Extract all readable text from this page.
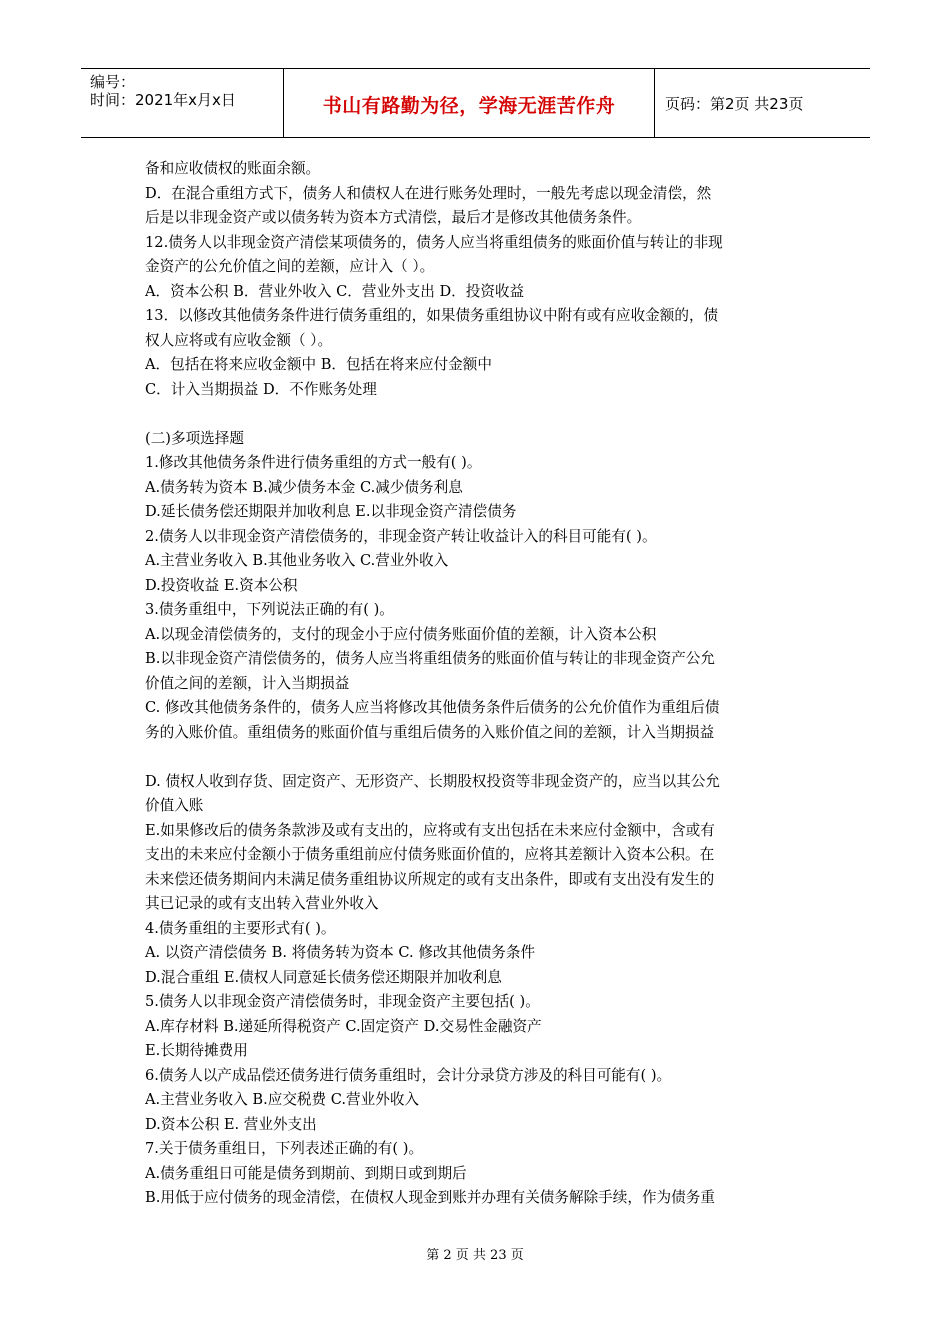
编号：
时间：2021年x月x日	书山有路勤为径，学海无涯苦作舟	页码：第2页 共23页
备和应收债权的账面余额。
D．在混合重组方式下，债务人和债权人在进行账务处理时，一般先考虑以现金清偿，然
后是以非现金资产或以债务转为资本方式清偿，最后才是修改其他债务条件。
12.债务人以非现金资产清偿某项债务的，债务人应当将重组债务的账面价值与转让的非现
金资产的公允价值之间的差额，应计入（ ）。
A．资本公积 B．营业外收入 C．营业外支出 D．投资收益
13．以修改其他债务条件进行债务重组的，如果债务重组协议中附有或有应收金额的，债
权人应将或有应收金额（ ）。
A．包括在将来应收金额中 B．包括在将来应付金额中
C．计入当期损益 D．不作账务处理
(二)多项选择题
1.修改其他债务条件进行债务重组的方式一般有( )。
A.债务转为资本 B.减少债务本金 C.减少债务利息
D.延长债务偿还期限并加收利息 E.以非现金资产清偿债务
2.债务人以非现金资产清偿债务的，非现金资产转让收益计入的科目可能有( )。
A.主营业务收入 B.其他业务收入 C.营业外收入
D.投资收益 E.资本公积
3.债务重组中，下列说法正确的有( )。
A.以现金清偿债务的，支付的现金小于应付债务账面价值的差额，计入资本公积
B.以非现金资产清偿债务的，债务人应当将重组债务的账面价值与转让的非现金资产公允
价值之间的差额，计入当期损益
C. 修改其他债务条件的，债务人应当将修改其他债务条件后债务的公允价值作为重组后债
务的入账价值。重组债务的账面价值与重组后债务的入账价值之间的差额，计入当期损益
D. 债权人收到存货、固定资产、无形资产、长期股权投资等非现金资产的，应当以其公允
价值入账
E.如果修改后的债务条款涉及或有支出的，应将或有支出包括在未来应付金额中，含或有
支出的未来应付金额小于债务重组前应付债务账面价值的，应将其差额计入资本公积。在
未来偿还债务期间内未满足债务重组协议所规定的或有支出条件，即或有支出没有发生的
其已记录的或有支出转入营业外收入
4.债务重组的主要形式有( )。
A. 以资产清偿债务 B. 将债务转为资本 C. 修改其他债务条件
D.混合重组 E.债权人同意延长债务偿还期限并加收利息
5.债务人以非现金资产清偿债务时，非现金资产主要包括( )。
A.库存材料 B.递延所得税资产 C.固定资产 D.交易性金融资产
E.长期待摊费用
6.债务人以产成品偿还债务进行债务重组时，会计分录贷方涉及的科目可能有( )。
A.主营业务收入 B.应交税费 C.营业外收入
D.资本公积 E. 营业外支出
7.关于债务重组日，下列表述正确的有( )。
A.债务重组日可能是债务到期前、到期日或到期后
B.用低于应付债务的现金清偿，在债权人现金到账并办理有关债务解除手续，作为债务重
第 2 页 共 23 页
